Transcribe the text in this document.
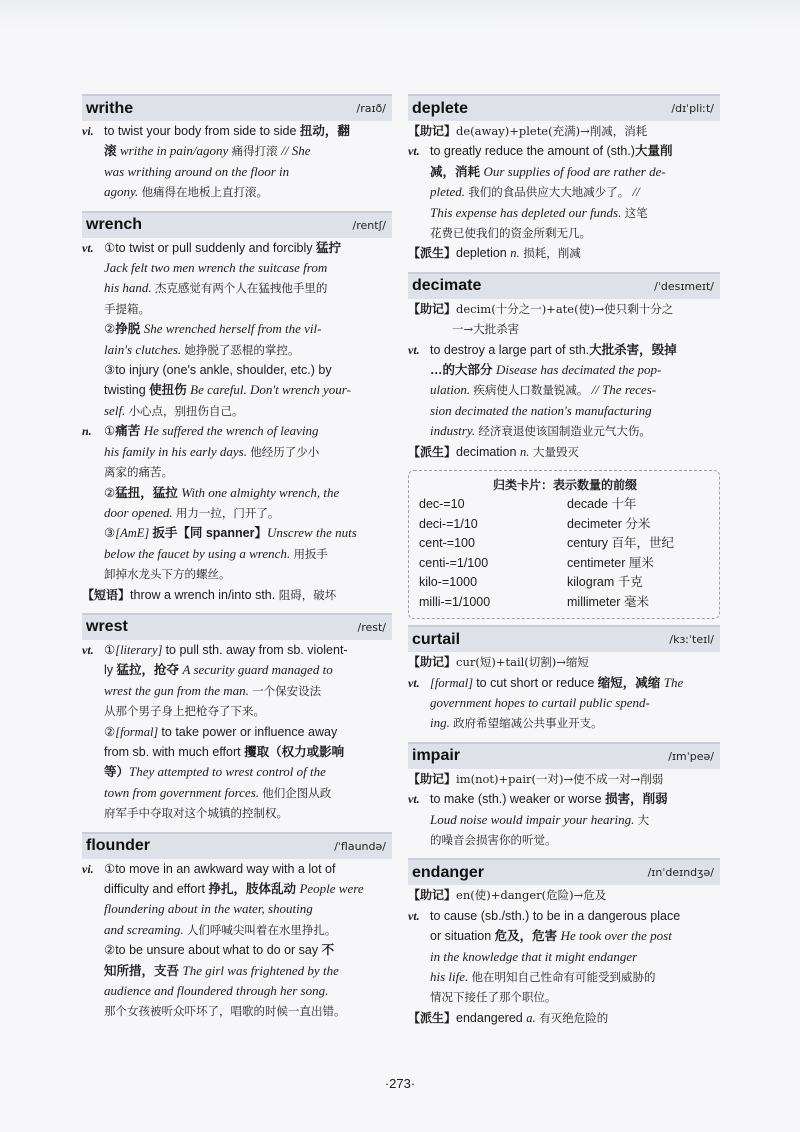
writhe	/raɪð/
vi. to twist your body from side to side 扭动，翻
滚 writhe in pain/agony 痛得打滚 // She
was writhing around on the floor in
agony. 他痛得在地板上直打滚。
wrench	/rentʃ/
vt. ①to twist or pull suddenly and forcibly 猛拧
Jack felt two men wrench the suitcase from
his hand. 杰克感觉有两个人在猛拽他手里的
手提箱。
②挣脱 She wrenched herself from the vil-
lain's clutches. 她挣脱了恶棍的掌控。
③to injury (one's ankle, shoulder, etc.) by
twisting 使扭伤 Be careful. Don't wrench your-
self. 小心点，别扭伤自己。
n. ①痛苦 He suffered the wrench of leaving
his family in his early days. 他经历了少小
离家的痛苦。
②猛扭，猛拉 With one almighty wrench, the
door opened. 用力一拉，门开了。
③[AmE] 扳手【同 spanner】Unscrew the nuts
below the faucet by using a wrench. 用扳手
卸掉水龙头下方的螺丝。
【短语】throw a wrench in/into sth. 阻碍，破坏
wrest	/rest/
vt. ①[literary] to pull sth. away from sb. violent-
ly 猛拉，抢夺 A security guard managed to
wrest the gun from the man. 一个保安设法
从那个男子身上把枪夺了下来。
②[formal] to take power or influence away
from sb. with much effort 攫取（权力或影响
等）They attempted to wrest control of the
town from government forces. 他们企图从政
府军手中夺取对这个城镇的控制权。
flounder	/ˈflaundə/
vi. ①to move in an awkward way with a lot of
difficulty and effort 挣扎，肢体乱动 People were
floundering about in the water, shouting
and screaming. 人们呼喊尖叫着在水里挣扎。
②to be unsure about what to do or say 不
知所措，支吾 The girl was frightened by the
audience and floundered through her song.
那个女孩被听众吓坏了，唱歌的时候一直出错。
deplete	/dɪˈpliːt/
【助记】de(away)+plete(充满)→削减，消耗
vt. to greatly reduce the amount of (sth.)大量削
减，消耗 Our supplies of food are rather de-
pleted. 我们的食品供应大大地减少了。 //
This expense has depleted our funds. 这笔
花费已使我们的资金所剩无几。
【派生】depletion n. 损耗，削减
decimate	/ˈdesɪmeɪt/
【助记】decim(十分之一)+ate(使)→使只剩十分之
一→大批杀害
vt. to destroy a large part of sth.大批杀害，毁掉
…的大部分 Disease has decimated the pop-
ulation. 疾病使人口数量锐减。 // The reces-
sion decimated the nation's manufacturing
industry. 经济衰退使该国制造业元气大伤。
【派生】decimation n. 大量毁灭
归类卡片：表示数量的前缀
dec-=10	decade 十年
deci-=1/10	decimeter 分米
cent-=100	century 百年，世纪
centi-=1/100	centimeter 厘米
kilo-=1000	kilogram 千克
milli-=1/1000	millimeter 毫米
curtail	/kɜːˈteɪl/
【助记】cur(短)+tail(切割)→缩短
vt. [formal] to cut short or reduce 缩短，减缩 The
government hopes to curtail public spend-
ing. 政府希望缩减公共事业开支。
impair	/ɪmˈpeə/
【助记】im(not)+pair(一对)→使不成一对→削弱
vt. to make (sth.) weaker or worse 损害，削弱
Loud noise would impair your hearing. 大
的噪音会损害你的听觉。
endanger	/ɪnˈdeɪndʒə/
【助记】en(使)+danger(危险)→危及
vt. to cause (sb./sth.) to be in a dangerous place
or situation 危及，危害 He took over the post
in the knowledge that it might endanger
his life. 他在明知自己性命有可能受到威胁的
情况下接任了那个职位。
【派生】endangered a. 有灭绝危险的
·273·
